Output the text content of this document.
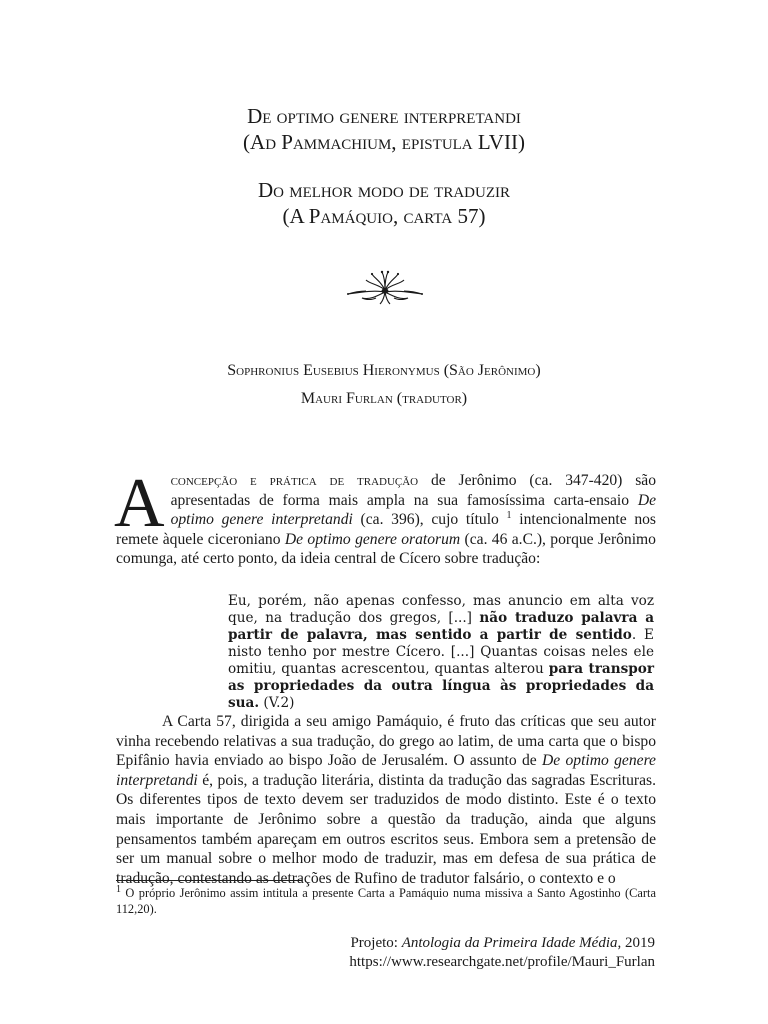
De optimo genere interpretandi
(Ad Pammachium, epistula LVII)
Do melhor modo de traduzir
(A Pamáquio, carta 57)
Sophronius Eusebius Hieronymus (São Jerônimo)
Mauri Furlan (tradutor)
Aconcepção e prática de tradução de Jerônimo (ca. 347-420) são apresentadas de forma mais ampla na sua famosíssima carta-ensaio De optimo genere interpretandi (ca. 396), cujo título $^1$ intencionalmente nos remete àquele ciceroniano De optimo genere oratorum (ca. 46 a.C.), porque Jerônimo comunga, até certo ponto, da ideia central de Cícero sobre tradução:
Eu, porém, não apenas confesso, mas anuncio em alta voz que, na tradução dos gregos, [...] não traduzo palavra a partir de palavra, mas sentido a partir de sentido. E nisto tenho por mestre Cícero. [...] Quantas coisas neles ele omitiu, quantas acrescentou, quantas alterou para transpor as propriedades da outra língua às propriedades da sua. (V.2)
A Carta 57, dirigida a seu amigo Pamáquio, é fruto das críticas que seu autor vinha recebendo relativas a sua tradução, do grego ao latim, de uma carta que o bispo Epifânio havia enviado ao bispo João de Jerusalém. O assunto de De optimo genere interpretandi é, pois, a tradução literária, distinta da tradução das sagradas Escrituras. Os diferentes tipos de texto devem ser traduzidos de modo distinto. Este é o texto mais importante de Jerônimo sobre a questão da tradução, ainda que alguns pensamentos também apareçam em outros escritos seus. Embora sem a pretensão de ser um manual sobre o melhor modo de traduzir, mas em defesa de sua prática de tradução, contestando as detrações de Rufino de tradutor falsário, o contexto e o
$^1$ O próprio Jerônimo assim intitula a presente Carta a Pamáquio numa missiva a Santo Agostinho (Carta 112,20).
Projeto: Antologia da Primeira Idade Média, 2019
https://www.researchgate.net/profile/Mauri_Furlan
